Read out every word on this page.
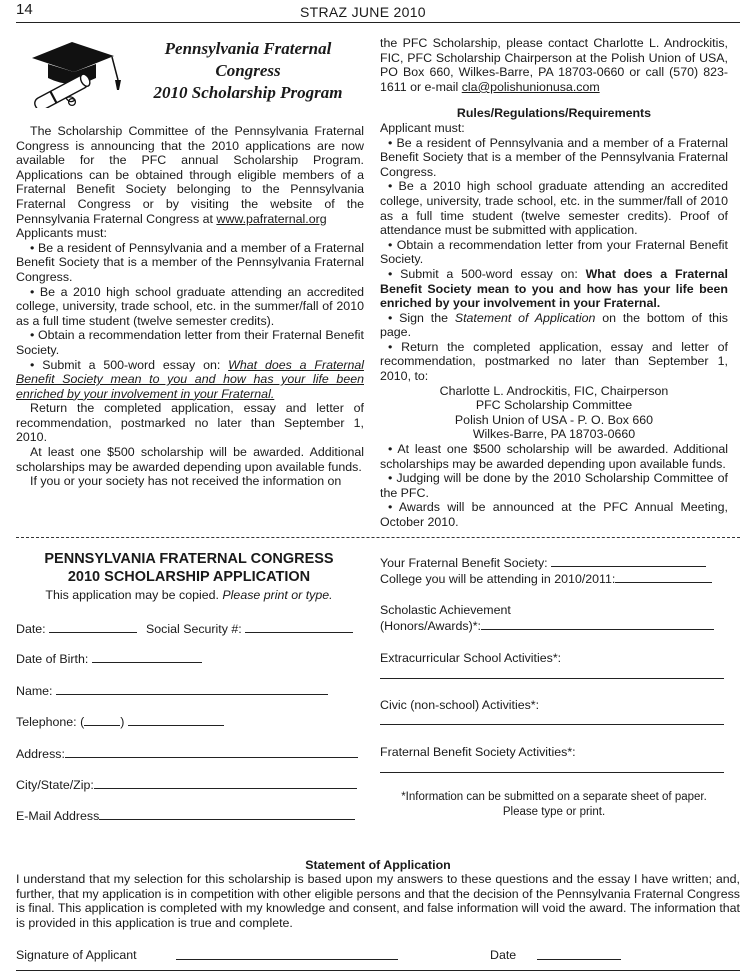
14	STRAZ JUNE 2010
Pennsylvania Fraternal
Congress
2010 Scholarship Program

The Scholarship Committee of the Pennsylvania Fraternal Congress is announcing that the 2010 applications are now available for the PFC annual Scholarship Program. Applications can be obtained through eligible members of a Fraternal Benefit Society belonging to the Pennsylvania Fraternal Congress or by visiting the website of the Pennsylvania Fraternal Congress at www.pafraternal.org

Applicants must:

• Be a resident of Pennsylvania and a member of a Fraternal Benefit Society that is a member of the Pennsylvania Fraternal Congress.

• Be a 2010 high school graduate attending an accredited college, university, trade school, etc. in the summer/fall of 2010 as a full time student (twelve semester credits).

• Obtain a recommendation letter from their Fraternal Benefit Society.

• Submit a 500-word essay on: What does a Fraternal Benefit Society mean to you and how has your life been enriched by your involvement in your Fraternal.

Return the completed application, essay and letter of recommendation, postmarked no later than September 1, 2010.

At least one $500 scholarship will be awarded. Additional scholarships may be awarded depending upon available funds.

If you or your society has not received the information on

the PFC Scholarship, please contact Charlotte L. Androckitis, FIC, PFC Scholarship Chairperson at the Polish Union of USA, PO Box 660, Wilkes-Barre, PA 18703-0660 or call (570) 823-1611 or e-mail cla@polishunionusa.com

Rules/Regulations/Requirements

Applicant must:

• Be a resident of Pennsylvania and a member of a Fraternal Benefit Society that is a member of the Pennsylvania Fraternal Congress.

• Be a 2010 high school graduate attending an accredited college, university, trade school, etc. in the summer/fall of 2010 as a full time student (twelve semester credits). Proof of attendance must be submitted with application.

• Obtain a recommendation letter from your Fraternal Benefit Society.

• Submit a 500-word essay on: What does a Fraternal Benefit Society mean to you and how has your life been enriched by your involvement in your Fraternal.

• Sign the Statement of Application on the bottom of this page.

• Return the completed application, essay and letter of recommendation, postmarked no later than September 1, 2010, to:

Charlotte L. Androckitis, FIC, Chairperson

PFC Scholarship Committee

Polish Union of USA - P. O. Box 660

Wilkes-Barre, PA 18703-0660

• At least one $500 scholarship will be awarded. Additional scholarships may be awarded depending upon available funds.

• Judging will be done by the 2010 Scholarship Committee of the PFC.

• Awards will be announced at the PFC Annual Meeting, October 2010.

PENNSYLVANIA FRATERNAL CONGRESS
2010 SCHOLARSHIP APPLICATION
This application may be copied. Please print or type.
Date:	Social Security #:
Date of Birth:
Name:
Telephone: (	)
Address:
City/State/Zip:
E-Mail Address
Your Fraternal Benefit Society:
College you will be attending in 2010/2011:
Scholastic Achievement
(Honors/Awards)*:
Extracurricular School Activities*:
Civic (non-school) Activities*:
Fraternal Benefit Society Activities*:
*Information can be submitted on a separate sheet of paper.
Please type or print.
Statement of Application
I understand that my selection for this scholarship is based upon my answers to these questions and the essay I have written; and, further, that my application is in competition with other eligible persons and that the decision of the Pennsylvania Fraternal Congress is final. This application is completed with my knowledge and consent, and false information will void the award. The information that is provided in this application is true and complete.
Signature of Applicant	Date
